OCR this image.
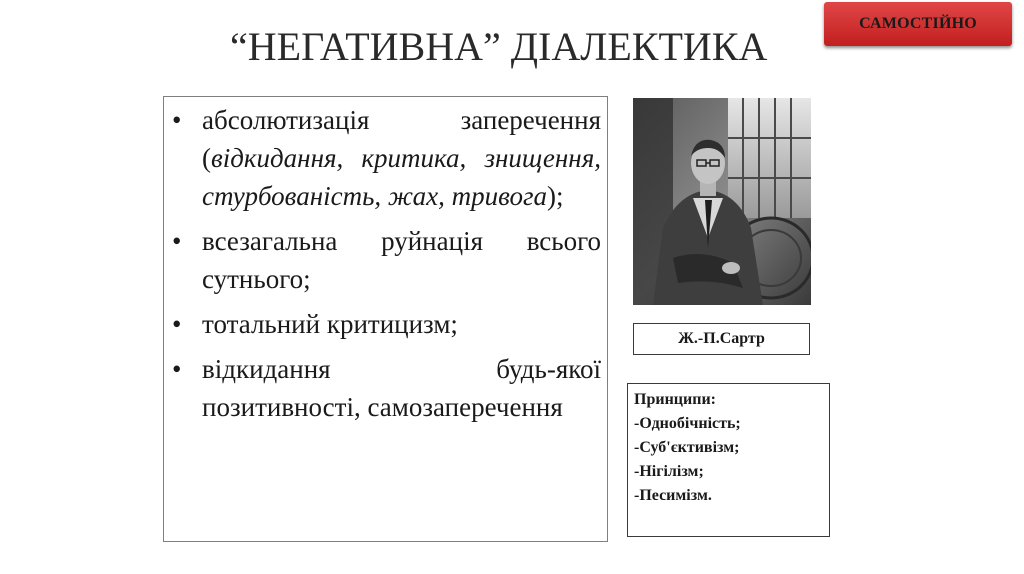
САМОСТІЙНО
“НЕГАТИВНА” ДІАЛЕКТИКА
• абсолютизація заперечення (відкидання, критика, знищення, стурбованість, жах, тривога);
• всезагальна руйнація всього сутнього;
• тотальний критицизм;
• відкидання будь-якої позитивності, самозаперечення
Ж.-П.Сартр
Принципи:
-Однобічність;
-Суб'єктивізм;
-Нігілізм;
-Песимізм.
